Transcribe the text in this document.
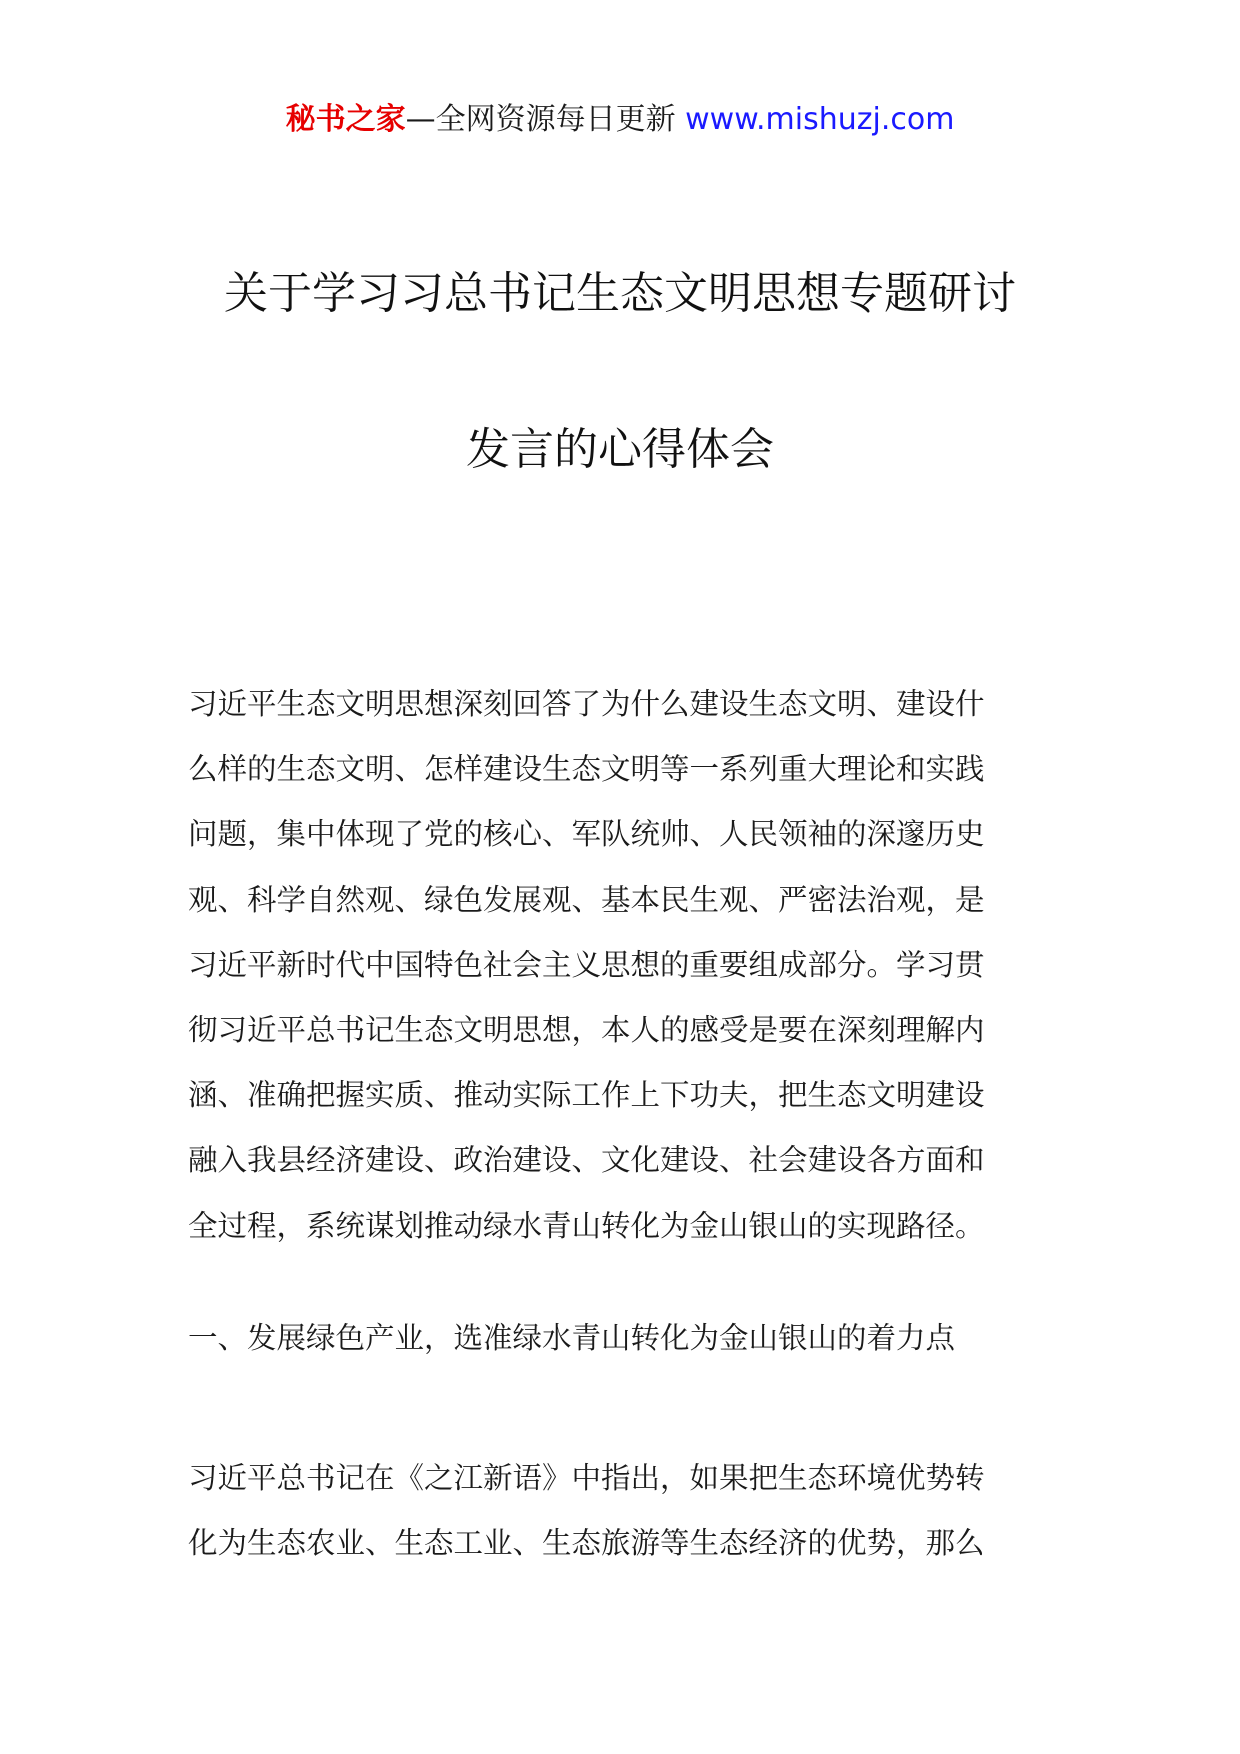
秘书之家—全网资源每日更新 www.mishuzj.com
关于学习习总书记生态文明思想专题研讨
发言的心得体会
习近平生态文明思想深刻回答了为什么建设生态文明、建设什
么样的生态文明、怎样建设生态文明等一系列重大理论和实践
问题，集中体现了党的核心、军队统帅、人民领袖的深邃历史
观、科学自然观、绿色发展观、基本民生观、严密法治观，是
习近平新时代中国特色社会主义思想的重要组成部分。学习贯
彻习近平总书记生态文明思想，本人的感受是要在深刻理解内
涵、准确把握实质、推动实际工作上下功夫，把生态文明建设
融入我县经济建设、政治建设、文化建设、社会建设各方面和
全过程，系统谋划推动绿水青山转化为金山银山的实现路径。
一、发展绿色产业，选准绿水青山转化为金山银山的着力点
习近平总书记在《之江新语》中指出，如果把生态环境优势转
化为生态农业、生态工业、生态旅游等生态经济的优势，那么
